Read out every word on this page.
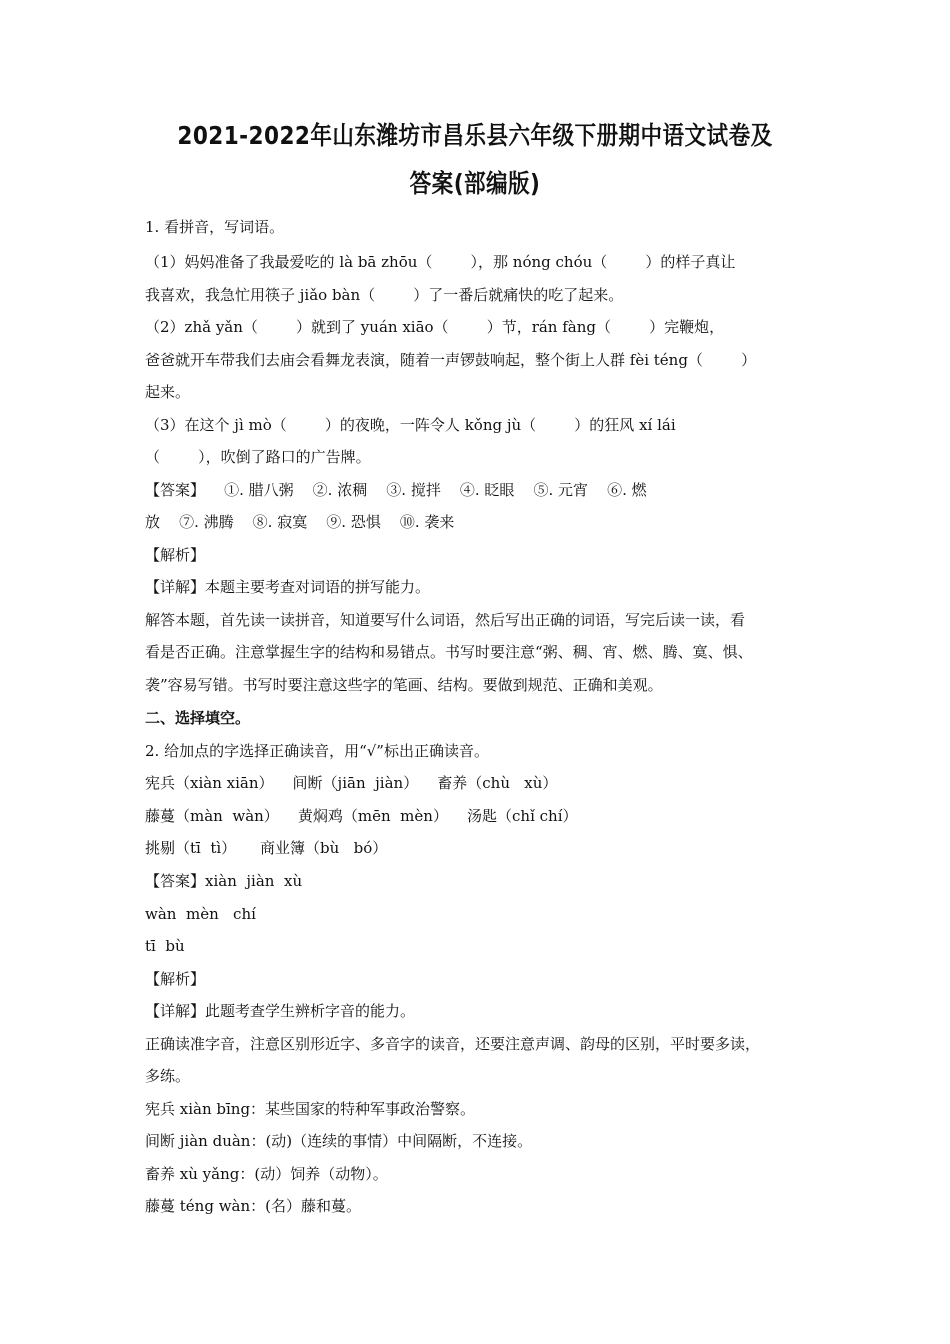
2021-2022年山东潍坊市昌乐县六年级下册期中语文试卷及
答案(部编版)
1. 看拼音，写词语。
（1）妈妈准备了我最爱吃的 là bā zhōu（        ），那 nóng chóu（        ）的样子真让
我喜欢，我急忙用筷子 jiǎo bàn（        ）了一番后就痛快的吃了起来。
（2）zhǎ yǎn（        ）就到了 yuán xiāo（        ）节，rán fàng（        ）完鞭炮，
爸爸就开车带我们去庙会看舞龙表演，随着一声锣鼓响起，整个街上人群 fèi téng（        ）
起来。
（3）在这个 jì mò（        ）的夜晚，一阵令人 kǒng jù（        ）的狂风 xí lái
（        ），吹倒了路口的广告牌。
【答案】    ①. 腊八粥    ②. 浓稠    ③. 搅拌    ④. 眨眼    ⑤. 元宵    ⑥. 燃
放    ⑦. 沸腾    ⑧. 寂寞    ⑨. 恐惧    ⑩. 袭来
【解析】
【详解】本题主要考查对词语的拼写能力。
解答本题，首先读一读拼音，知道要写什么词语，然后写出正确的词语，写完后读一读，看
看是否正确。注意掌握生字的结构和易错点。书写时要注意“粥、稠、宵、燃、腾、寞、惧、
袭”容易写错。书写时要注意这些字的笔画、结构。要做到规范、正确和美观。
二、选择填空。
2. 给加点的字选择正确读音，用“√”标出正确读音。
宪兵（xiàn xiān）    间断（jiān  jiàn）    畜养（chù   xù）
藤蔓（màn  wàn）    黄焖鸡（mēn  mèn）    汤匙（chǐ chí）
挑剔（tī  tì）     商业簿（bù   bó）
【答案】xiàn  jiàn  xù
wàn  mèn   chí
tī  bù
【解析】
【详解】此题考查学生辨析字音的能力。
正确读准字音，注意区别形近字、多音字的读音，还要注意声调、韵母的区别，平时要多读，
多练。
宪兵 xiàn bīng：某些国家的特种军事政治警察。
间断 jiàn duàn：(动)（连续的事情）中间隔断，不连接。
畜养 xù yǎng：(动）饲养（动物）。
藤蔓 téng wàn：(名）藤和蔓。
